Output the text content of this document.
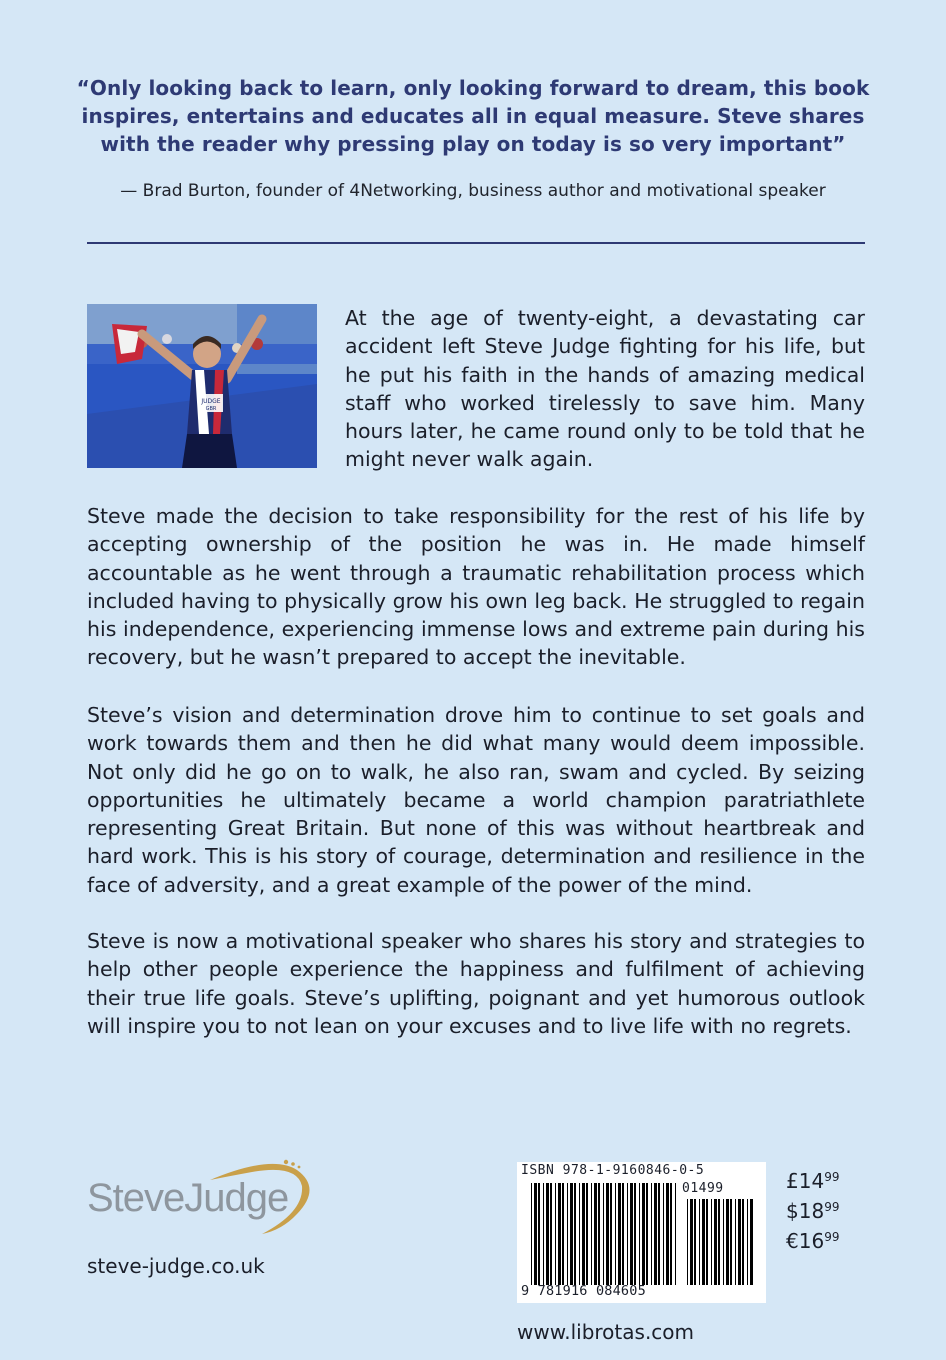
“Only looking back to learn, only looking forward to dream, this book inspires, entertains and educates all in equal measure. Steve shares with the reader why pressing play on today is so very important”
— Brad Burton, founder of 4Networking, business author and motivational speaker
JUDGE
GBR

At the age of twenty-eight, a devastating car accident left Steve Judge fighting for his life, but he put his faith in the hands of amazing medical staff who worked tirelessly to save him. Many hours later, he came round only to be told that he might never walk again.

Steve made the decision to take responsibility for the rest of his life by accepting ownership of the position he was in. He made himself accountable as he went through a traumatic rehabilitation process which included having to physically grow his own leg back. He struggled to regain his independence, experiencing immense lows and extreme pain during his recovery, but he wasn’t prepared to accept the inevitable.

Steve’s vision and determination drove him to continue to set goals and work towards them and then he did what many would deem impossible. Not only did he go on to walk, he also ran, swam and cycled. By seizing opportunities he ultimately became a world champion paratriathlete representing Great Britain. But none of this was without heartbreak and hard work. This is his story of courage, determination and resilience in the face of adversity, and a great example of the power of the mind.

Steve is now a motivational speaker who shares his story and strategies to help other people experience the happiness and fulfilment of achieving their true life goals. Steve’s uplifting, poignant and yet humorous outlook will inspire you to not lean on your excuses and to live life with no regrets.

SteveJudge
steve-judge.co.uk
ISBN 978-1-9160846-0-5
01499
9 781916 084605
$£14^{99}$
$\$18^{99}$
$€16^{99}$
www.librotas.com
